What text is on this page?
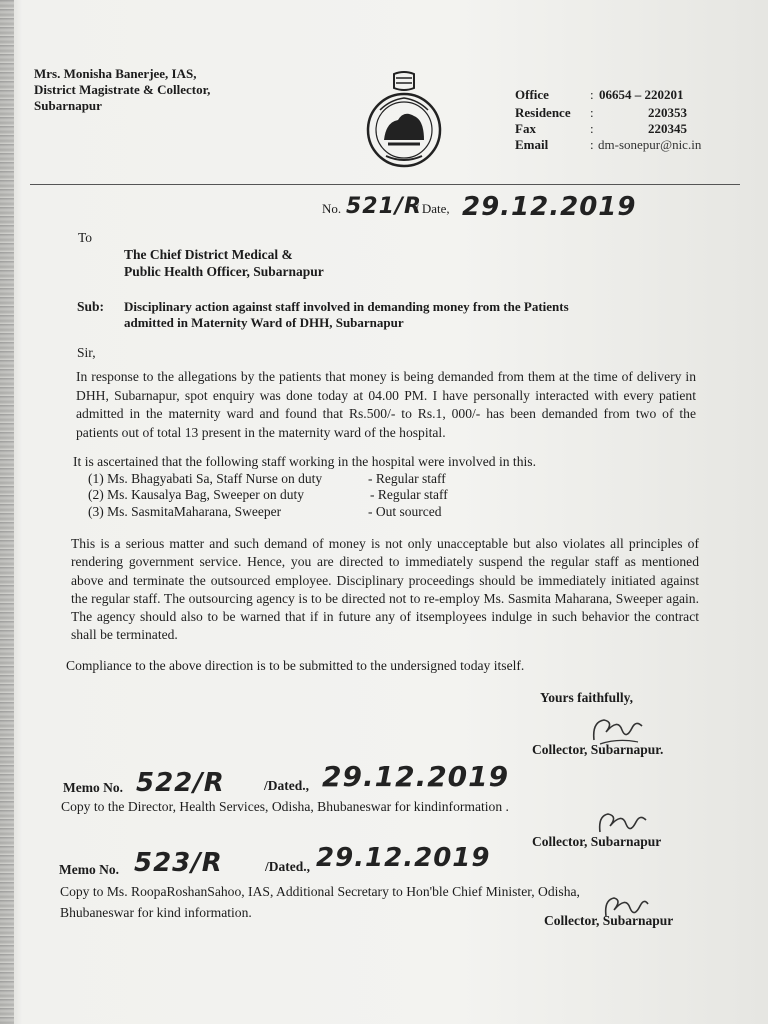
Mrs. Monisha Banerjee, IAS,
District Magistrate & Collector,
Subarnapur
Office	: 06654 – 220201
Residence :	220353
Fax	:	220345
Email	: dm-sonepur@nic.in
No. 521/R
/ Date, 29.12.2019
To
The Chief District Medical &
Public Health Officer, Subarnapur
Sub: Disciplinary action against staff involved in demanding money from the Patients
admitted in Maternity Ward of DHH, Subarnapur
Sir,

In response to the allegations by the patients that money is being demanded from them at the time of delivery in DHH, Subarnapur, spot enquiry was done today at 04.00 PM. I have personally interacted with every patient admitted in the maternity ward and found that Rs.500/- to Rs.1, 000/- has been demanded from two of the patients out of total 13 present in the maternity ward of the hospital.

It is ascertained that the following staff working in the hospital were involved in this.
(1) Ms. Bhagyabati Sa, Staff Nurse on duty	- Regular staff
(2) Ms. Kausalya Bag, Sweeper on duty	- Regular staff
(3) Ms. SasmitaMaharana, Sweeper	- Out sourced

This is a serious matter and such demand of money is not only unacceptable but also violates all principles of rendering government service. Hence, you are directed to immediately suspend the regular staff as mentioned above and terminate the outsourced employee. Disciplinary proceedings should be immediately initiated against the regular staff. The outsourcing agency is to be directed not to re-employ Ms. Sasmita Maharana, Sweeper again. The agency should also to be warned that if in future any of itsemployees indulge in such behavior the contract shall be terminated.

Compliance to the above direction is to be submitted to the undersigned today itself.
Yours faithfully,
Collector, Subarnapur.
Memo No. 522/R	/Dated., 29.12.2019
Copy to the Director, Health Services, Odisha, Bhubaneswar for kindinformation .
Collector, Subarnapur
Memo No. 523/R	/Dated., 29.12.2019
Copy to Ms. RoopaRoshanSahoo, IAS, Additional Secretary to Hon'ble Chief Minister, Odisha,
Bhubaneswar for kind information.
Collector, Subarnapur
